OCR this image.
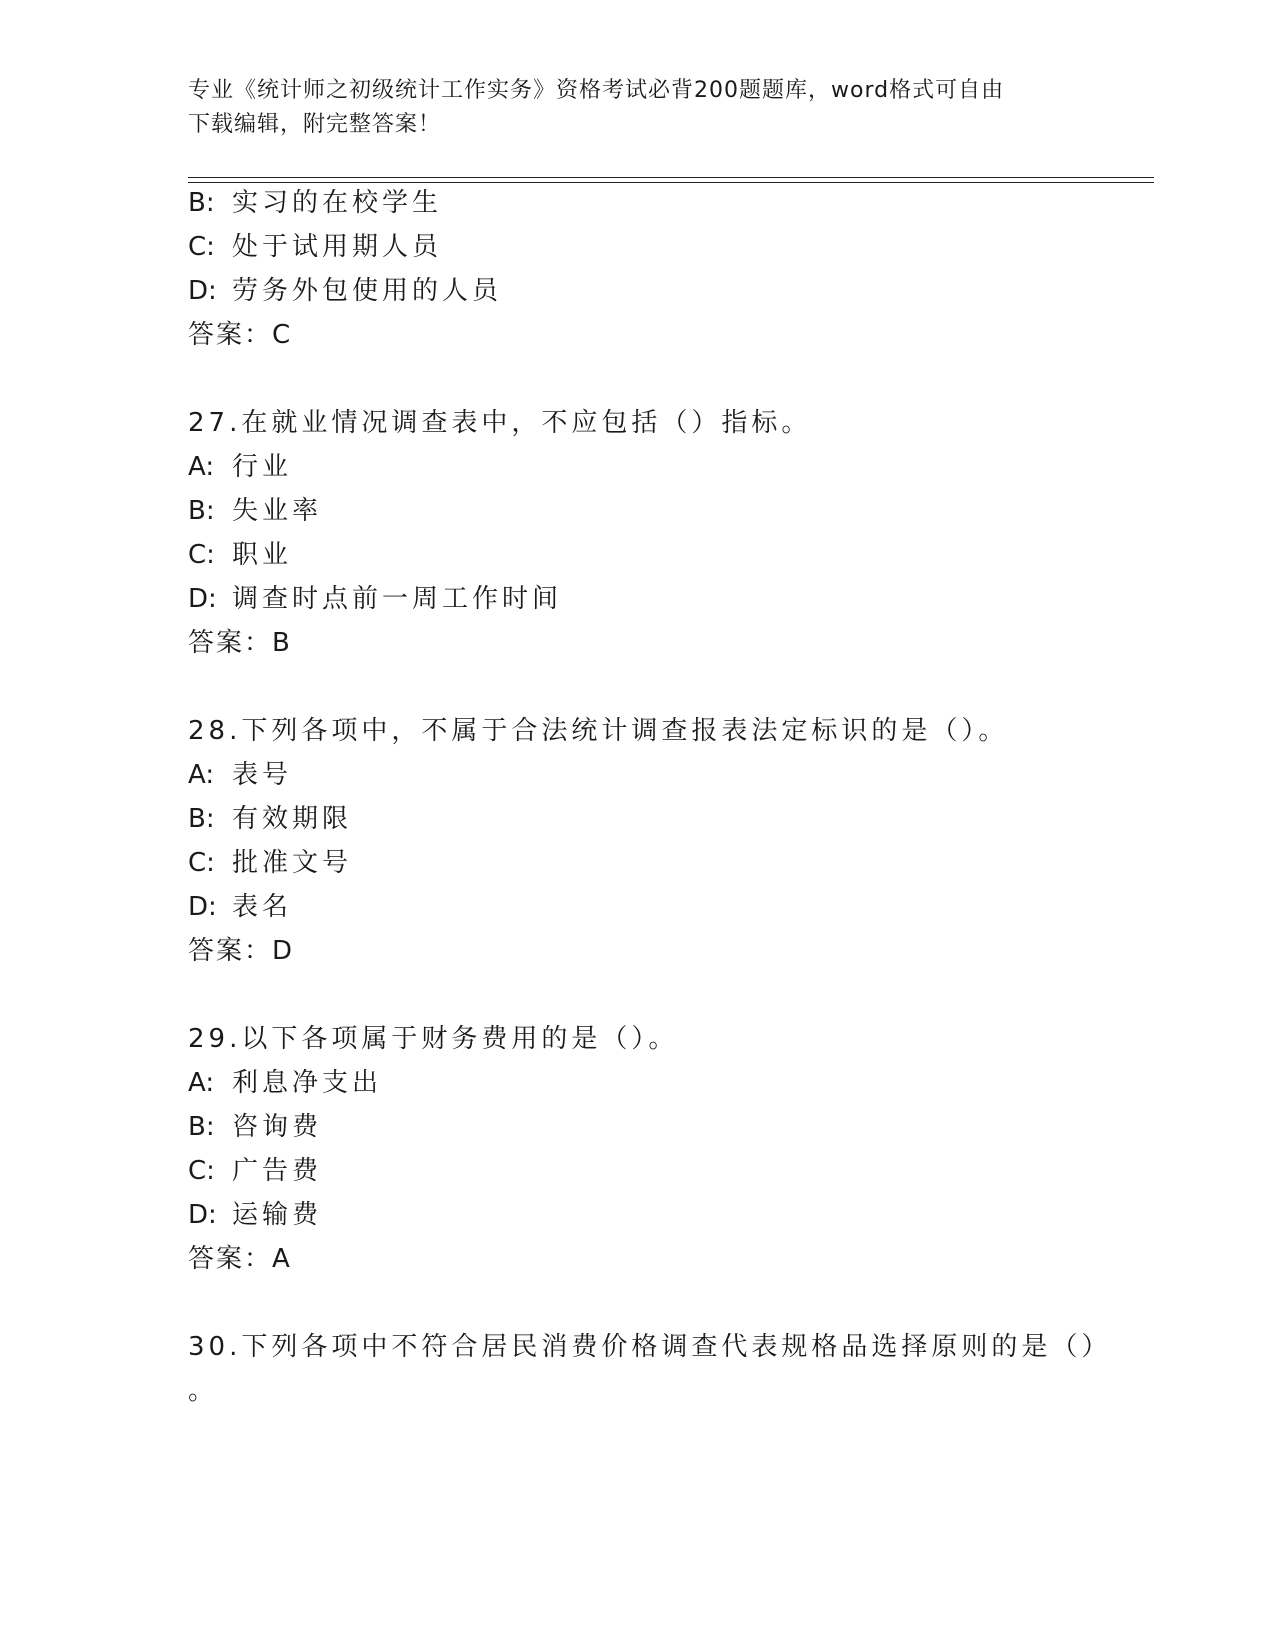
专业《统计师之初级统计工作实务》资格考试必背200题题库，word格式可自由
下载编辑，附完整答案！
B: 实习的在校学生
C: 处于试用期人员
D: 劳务外包使用的人员
答案：C
27.在就业情况调查表中，不应包括（）指标。
A: 行业
B: 失业率
C: 职业
D: 调查时点前一周工作时间
答案：B
28.下列各项中，不属于合法统计调查报表法定标识的是（）。
A: 表号
B: 有效期限
C: 批准文号
D: 表名
答案：D
29.以下各项属于财务费用的是（）。
A: 利息净支出
B: 咨询费
C: 广告费
D: 运输费
答案：A
30.下列各项中不符合居民消费价格调查代表规格品选择原则的是（）
。
